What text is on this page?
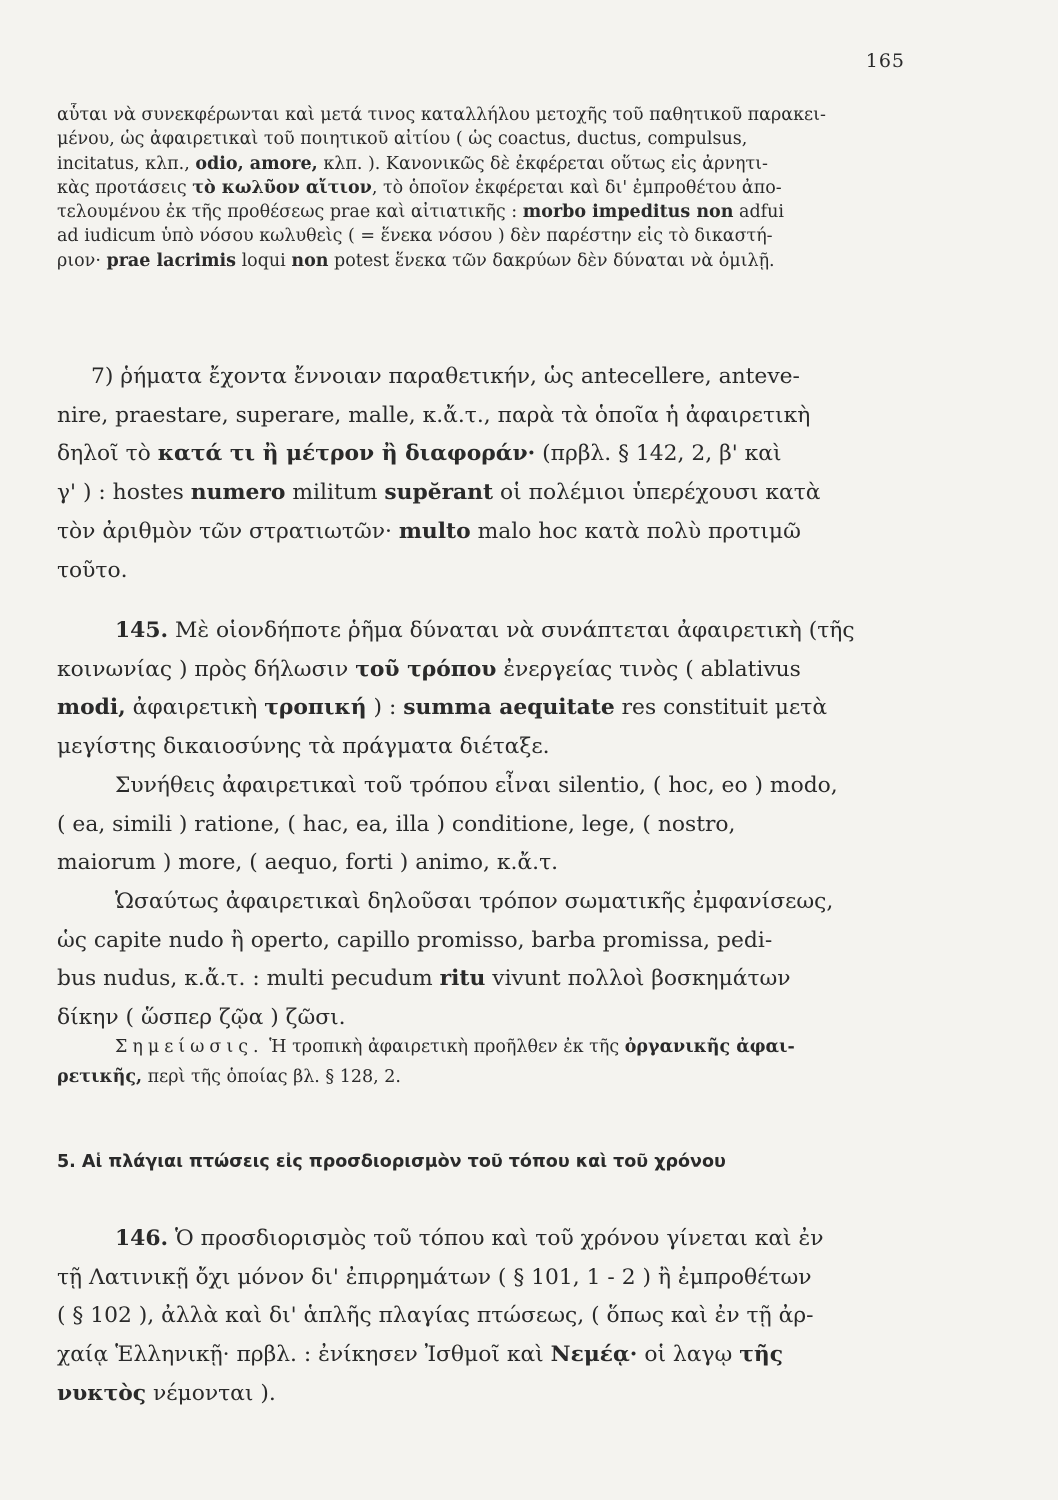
165
αὗται νὰ συνεκφέρωνται καὶ μετά τινος καταλλήλου μετοχῆς τοῦ παθητικοῦ παρακει-
μένου, ὡς ἀφαιρετικαὶ τοῦ ποιητικοῦ αἰτίου ( ὡς coactus, ductus, compulsus,
incitatus, κλπ., odio, amore, κλπ. ). Κανονικῶς δὲ ἐκφέρεται οὕτως εἰς ἀρνητι-
κὰς προτάσεις τὸ κωλῦον αἴτιον, τὸ ὁποῖον ἐκφέρεται καὶ δι' ἐμπροθέτου ἀπο-
τελουμένου ἐκ τῆς προθέσεως prae καὶ αἰτιατικῆς : morbo impeditus non adfui
ad iudicum ὑπὸ νόσου κωλυθεὶς ( = ἕνεκα νόσου ) δὲν παρέστην εἰς τὸ δικαστή-
ριον· prae lacrimis loqui non potest ἕνεκα τῶν δακρύων δὲν δύναται νὰ ὁμιλῇ.
7) ῥήματα ἔχοντα ἔννοιαν παραθετικήν, ὡς antecellere, anteve-
nire, praestare, superare, malle, κ.ἄ.τ., παρὰ τὰ ὁποῖα ἡ ἀφαιρετικὴ
δηλοῖ τὸ κατά τι ἢ μέτρον ἢ διαφοράν· (πρβλ. § 142, 2, β' καὶ
γ' ) : hostes numero militum supĕrant οἱ πολέμιοι ὑπερέχουσι κατὰ
τὸν ἀριθμὸν τῶν στρατιωτῶν· multo malo hoc κατὰ πολὺ προτιμῶ
τοῦτο.
145. Μὲ οἱονδήποτε ῥῆμα δύναται νὰ συνάπτεται ἀφαιρετικὴ (τῆς
κοινωνίας ) πρὸς δήλωσιν τοῦ τρόπου ἐνεργείας τινὸς ( ablativus
modi, ἀφαιρετικὴ τροπική ) : summa aequitate res constituit μετὰ
μεγίστης δικαιοσύνης τὰ πράγματα διέταξε.
Συνήθεις ἀφαιρετικαὶ τοῦ τρόπου εἶναι silentio, ( hoc, eo ) modo,
( ea, simili ) ratione, ( hac, ea, illa ) conditione, lege, ( nostro,
maiorum ) more, ( aequo, forti ) animo, κ.ἄ.τ.
Ὡσαύτως ἀφαιρετικαὶ δηλοῦσαι τρόπον σωματικῆς ἐμφανίσεως,
ὡς capite nudo ἢ operto, capillo promisso, barba promissa, pedi-
bus nudus, κ.ἄ.τ. : multi pecudum ritu vivunt πολλοὶ βοσκημάτων
δίκην ( ὥσπερ ζῷα ) ζῶσι.
Σημείωσις. Ἡ τροπικὴ ἀφαιρετικὴ προῆλθεν ἐκ τῆς ὀργανικῆς ἀφαι-
ρετικῆς, περὶ τῆς ὁποίας βλ. § 128, 2.
5. Αἱ πλάγιαι πτώσεις εἰς προσδιορισμὸν τοῦ τόπου καὶ τοῦ χρόνου
146. Ὁ προσδιορισμὸς τοῦ τόπου καὶ τοῦ χρόνου γίνεται καὶ ἐν
τῇ Λατινικῇ ὄχι μόνον δι' ἐπιρρημάτων ( § 101, 1 - 2 ) ἢ ἐμπροθέτων
( § 102 ), ἀλλὰ καὶ δι' ἁπλῆς πλαγίας πτώσεως, ( ὅπως καὶ ἐν τῇ ἀρ-
χαίᾳ Ἑλληνικῇ· πρβλ. : ἐνίκησεν Ἰσθμοῖ καὶ Νεμέᾳ· οἱ λαγῳ τῆς
νυκτὸς νέμονται ).
